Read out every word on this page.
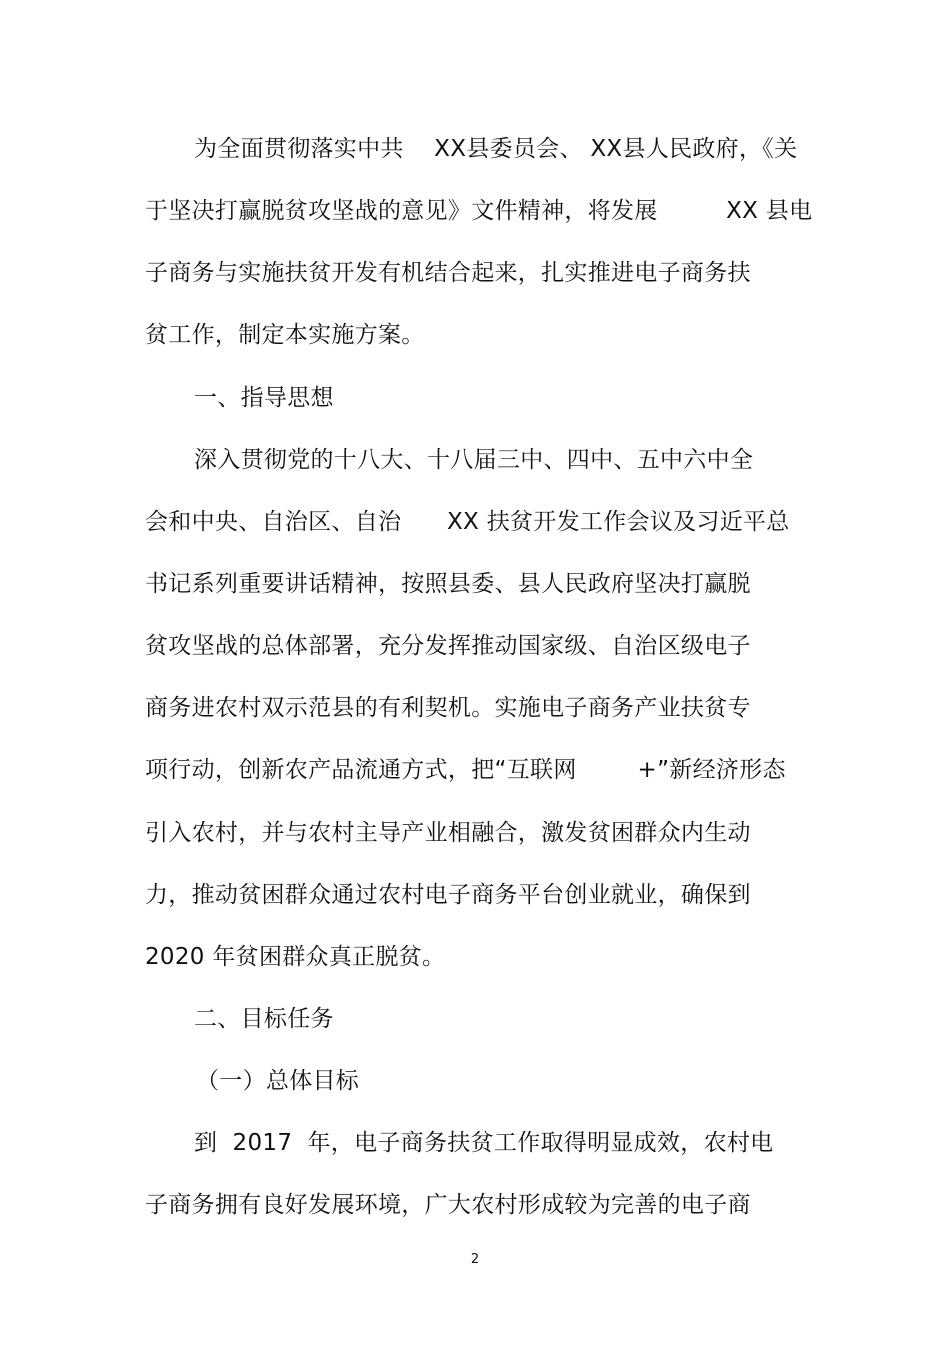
为全面贯彻落实中共    XX县委员会、 XX县人民政府，《关
于坚决打赢脱贫攻坚战的意见》文件精神，将发展         XX 县电
子商务与实施扶贫开发有机结合起来，扎实推进电子商务扶
贫工作，制定本实施方案。
一、指导思想
深入贯彻党的十八大、十八届三中、四中、五中六中全
会和中央、自治区、自治      XX 扶贫开发工作会议及习近平总
书记系列重要讲话精神，按照县委、县人民政府坚决打赢脱
贫攻坚战的总体部署，充分发挥推动国家级、自治区级电子
商务进农村双示范县的有利契机。实施电子商务产业扶贫专
项行动，创新农产品流通方式，把“互联网        +”新经济形态
引入农村，并与农村主导产业相融合，激发贫困群众内生动
力，推动贫困群众通过农村电子商务平台创业就业，确保到
2020 年贫困群众真正脱贫。
二、目标任务
（一）总体目标
到  2017  年，电子商务扶贫工作取得明显成效，农村电
子商务拥有良好发展环境，广大农村形成较为完善的电子商
2
